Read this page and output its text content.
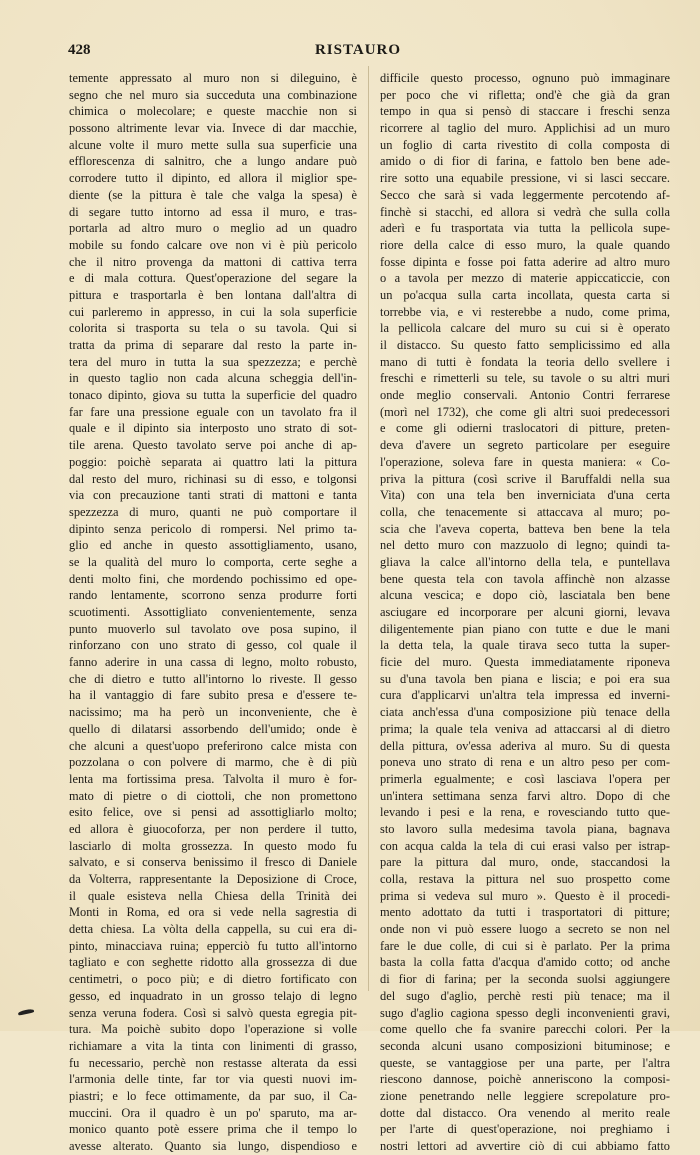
428	RISTAURO
temente appressato al muro non si dileguino, è
segno che nel muro sia succeduta una combinazione
chimica o molecolare; e queste macchie non si
possono altrimente levar via. Invece di dar macchie,
alcune volte il muro mette sulla sua superficie una
efflorescenza di salnitro, che a lungo andare può
corrodere tutto il dipinto, ed allora il miglior spe-
diente (se la pittura è tale che valga la spesa) è
di segare tutto intorno ad essa il muro, e tras-
portarla ad altro muro o meglio ad un quadro
mobile su fondo calcare ove non vi è più pericolo
che il nitro provenga da mattoni di cattiva terra
e di mala cottura. Quest'operazione del segare la
pittura e trasportarla è ben lontana dall'altra di
cui parleremo in appresso, in cui la sola superficie
colorita si trasporta su tela o su tavola. Qui si
tratta da prima di separare dal resto la parte in-
tera del muro in tutta la sua spezzezza; e perchè
in questo taglio non cada alcuna scheggia dell'in-
tonaco dipinto, giova su tutta la superficie del quadro
far fare una pressione eguale con un tavolato fra il
quale e il dipinto sia interposto uno strato di sot-
tile arena. Questo tavolato serve poi anche di ap-
poggio: poichè separata ai quattro lati la pittura
dal resto del muro, richinasi su di esso, e tolgonsi
via con precauzione tanti strati di mattoni e tanta
spezzezza di muro, quanti ne può comportare il
dipinto senza pericolo di rompersi. Nel primo ta-
glio ed anche in questo assottigliamento, usano,
se la qualità del muro lo comporta, certe seghe a
denti molto fini, che mordendo pochissimo ed ope-
rando lentamente, scorrono senza produrre forti
scuotimenti. Assottigliato convenientemente, senza
punto muoverlo sul tavolato ove posa supino, il
rinforzano con uno strato di gesso, col quale il
fanno aderire in una cassa di legno, molto robusto,
che di dietro e tutto all'intorno lo riveste. Il gesso
ha il vantaggio di fare subito presa e d'essere te-
nacissimo; ma ha però un inconveniente, che è
quello di dilatarsi assorbendo dell'umido; onde è
che alcuni a quest'uopo preferirono calce mista con
pozzolana o con polvere di marmo, che è di più
lenta ma fortissima presa. Talvolta il muro è for-
mato di pietre o di ciottoli, che non promettono
esito felice, ove si pensi ad assottigliarlo molto;
ed allora è giuocoforza, per non perdere il tutto,
lasciarlo di molta grossezza. In questo modo fu
salvato, e si conserva benissimo il fresco di Daniele
da Volterra, rappresentante la Deposizione di Croce,
il quale esisteva nella Chiesa della Trinità dei
Monti in Roma, ed ora si vede nella sagrestia di
detta chiesa. La vòlta della cappella, su cui era di-
pinto, minacciava ruina; epperciò fu tutto all'intorno
tagliato e con seghette ridotto alla grossezza di due
centimetri, o poco più; e di dietro fortificato con
gesso, ed inquadrato in un grosso telajo di legno
senza veruna fodera. Così si salvò questa egregia pit-
tura. Ma poichè subito dopo l'operazione si volle
richiamare a vita la tinta con linimenti di grasso,
fu necessario, perchè non restasse alterata da essi
l'armonia delle tinte, far tor via questi nuovi im-
piastri; e lo fece ottimamente, da par suo, il Ca-
muccini. Ora il quadro è un po' sparuto, ma ar-
monico quanto potè essere prima che il tempo lo
avesse alterato. Quanto sia lungo, dispendioso e
difficile questo processo, ognuno può immaginare
per poco che vi rifletta; ond'è che già da gran
tempo in qua si pensò di staccare i freschi senza
ricorrere al taglio del muro. Applichisi ad un muro
un foglio di carta rivestito di colla composta di
amido o di fior di farina, e fattolo ben bene ade-
rire sotto una equabile pressione, vi si lasci seccare.
Secco che sarà si vada leggermente percotendo af-
finchè si stacchi, ed allora si vedrà che sulla colla
aderì e fu trasportata via tutta la pellicola supe-
riore della calce di esso muro, la quale quando
fosse dipinta e fosse poi fatta aderire ad altro muro
o a tavola per mezzo di materie appiccaticcie, con
un po'acqua sulla carta incollata, questa carta si
torrebbe via, e vi resterebbe a nudo, come prima,
la pellicola calcare del muro su cui si è operato
il distacco. Su questo fatto semplicissimo ed alla
mano di tutti è fondata la teoria dello svellere i
freschi e rimetterli su tele, su tavole o su altri muri
onde meglio conservali. Antonio Contri ferrarese
(morì nel 1732), che come gli altri suoi predecessori
e come gli odierni traslocatori di pitture, preten-
deva d'avere un segreto particolare per eseguire
l'operazione, soleva fare in questa maniera: « Co-
priva la pittura (così scrive il Baruffaldi nella sua
Vita) con una tela ben inverniciata d'una certa
colla, che tenacemente si attaccava al muro; po-
scia che l'aveva coperta, batteva ben bene la tela
nel detto muro con mazzuolo di legno; quindi ta-
gliava la calce all'intorno della tela, e puntellava
bene questa tela con tavola affinchè non alzasse
alcuna vescica; e dopo ciò, lasciatala ben bene
asciugare ed incorporare per alcuni giorni, levava
diligentemente pian piano con tutte e due le mani
la detta tela, la quale tirava seco tutta la super-
ficie del muro. Questa immediatamente riponeva
su d'una tavola ben piana e liscia; e poi era sua
cura d'applicarvi un'altra tela impressa ed inverni-
ciata anch'essa d'una composizione più tenace della
prima; la quale tela veniva ad attaccarsi al di dietro
della pittura, ov'essa aderiva al muro. Su di questa
poneva uno strato di rena e un altro peso per com-
primerla egualmente; e così lasciava l'opera per
un'intera settimana senza farvi altro. Dopo di che
levando i pesi e la rena, e rovesciando tutto que-
sto lavoro sulla medesima tavola piana, bagnava
con acqua calda la tela di cui erasi valso per istrap-
pare la pittura dal muro, onde, staccandosi la
colla, restava la pittura nel suo prospetto come
prima si vedeva sul muro ». Questo è il procedi-
mento adottato da tutti i trasportatori di pitture;
onde non vi può essere luogo a secreto se non nel
fare le due colle, di cui si è parlato. Per la prima
basta la colla fatta d'acqua d'amido cotto; od anche
di fior di farina; per la seconda suolsi aggiungere
del sugo d'aglio, perchè resti più tenace; ma il
sugo d'aglio cagiona spesso degli inconvenienti gravi,
come quello che fa svanire parecchi colori. Per la
seconda alcuni usano composizioni bituminose; e
queste, se vantaggiose per una parte, per l'altra
riescono dannose, poichè anneriscono la composi-
zione penetrando nelle leggiere screpolature pro-
dotte dal distacco. Ora venendo al merito reale
per l'arte di quest'operazione, noi preghiamo i
nostri lettori ad avvertire ciò di cui abbiamo fatto
